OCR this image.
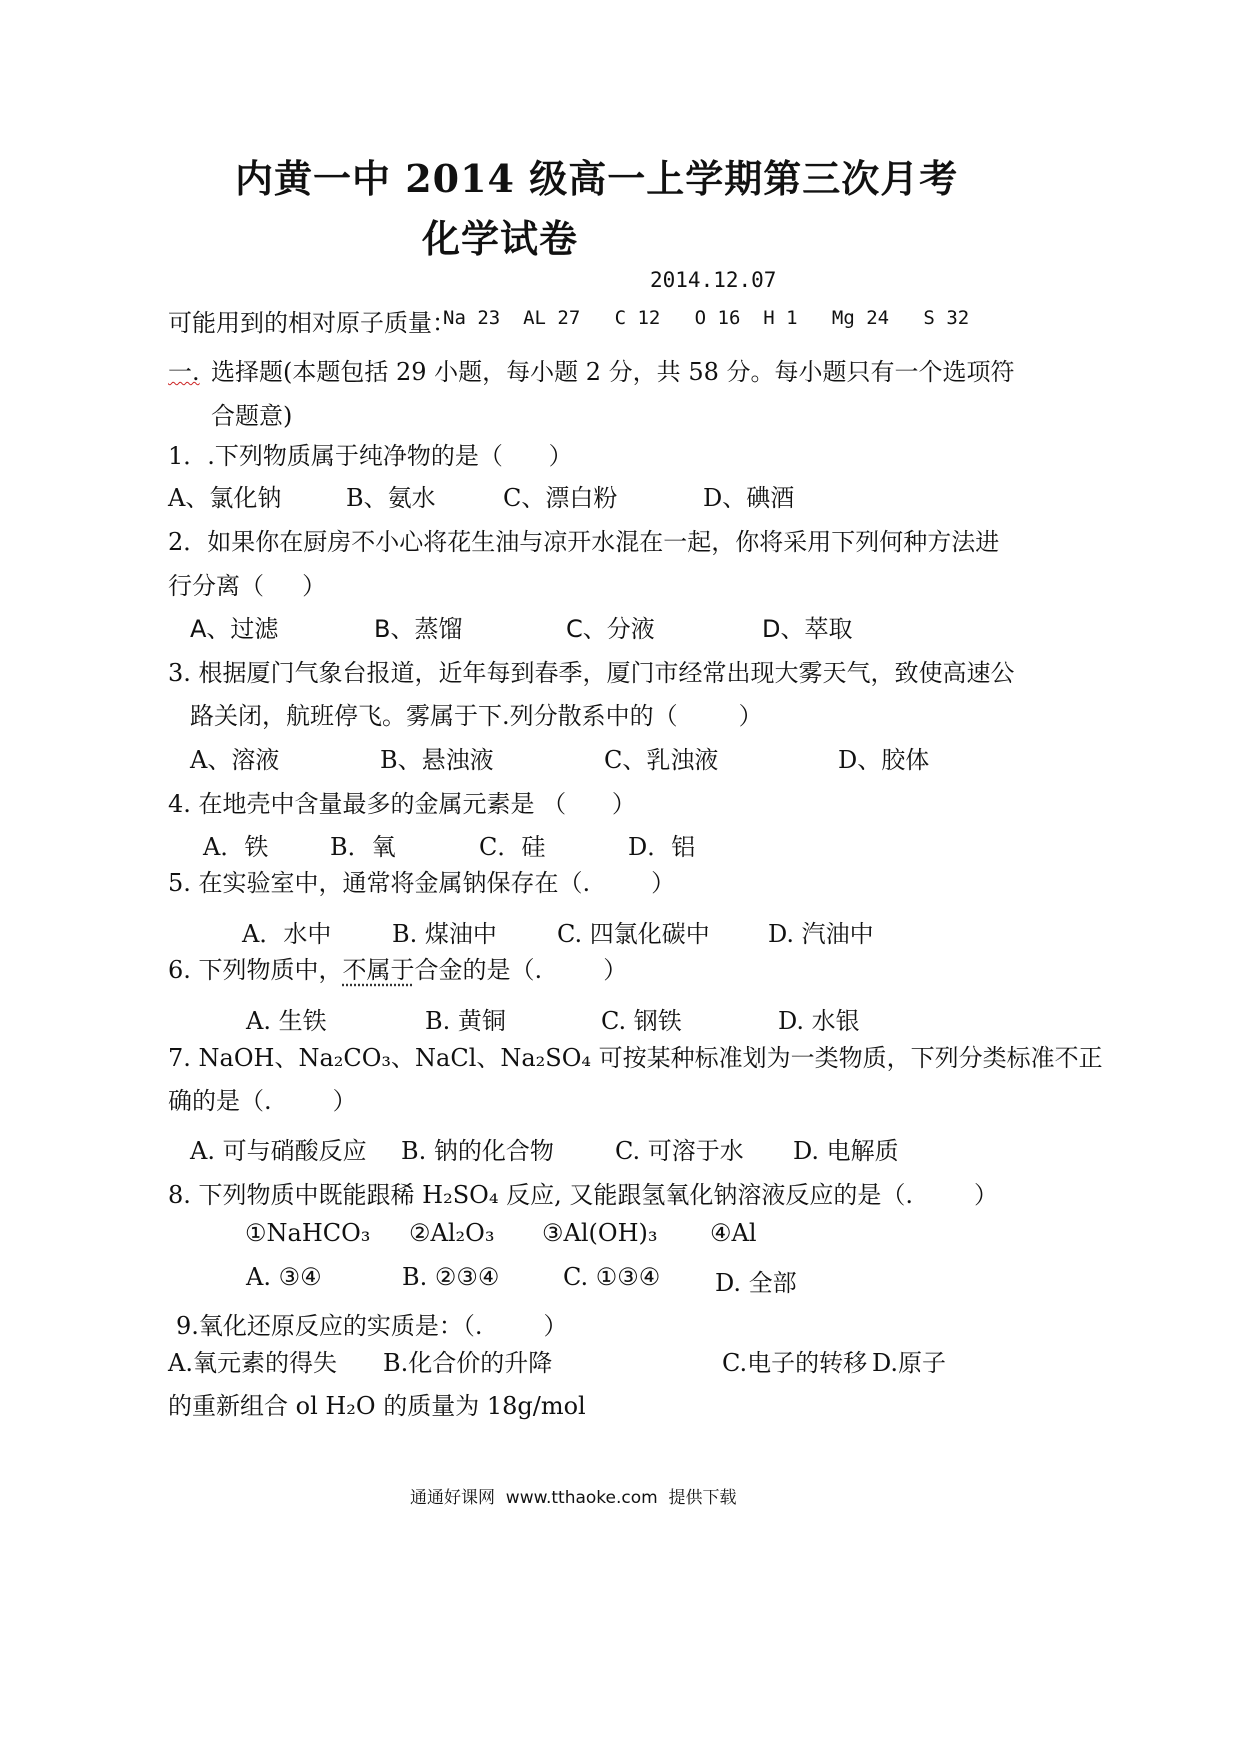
内黄一中 2014 级高一上学期第三次月考
化学试卷
2014.12.07
可能用到的相对原子质量：
Na 23  AL 27   C 12   O 16  H 1   Mg 24   S 32
一. 选择题(本题包括 29 小题，每小题 2 分，共 58 分。每小题只有一个选项符
合题意)
1．.下列物质属于纯净物的是（      ）
A、氯化钠	B、氨水	C、漂白粉	D、碘酒
2．如果你在厨房不小心将花生油与凉开水混在一起，你将采用下列何种方法进
行分离（     ）
A、过滤	B、蒸馏	C、分液	D、萃取
3. 根据厦门气象台报道，近年每到春季，厦门市经常出现大雾天气，致使高速公
路关闭，航班停飞。雾属于下.列分散系中的（        ）
A、溶液	B、悬浊液	C、乳浊液	D、胶体
4. 在地壳中含量最多的金属元素是 （      ）
A．铁	B．氧	C．硅	D．铝
5. 在实验室中，通常将金属钠保存在（.        ）
A．水中	B. 煤油中	C. 四氯化碳中 D. 汽油中
6. 下列物质中，不属于合金的是（.        ）
A. 生铁	B. 黄铜	C. 钢铁	D. 水银
7. NaOH、Na₂CO₃、NaCl、Na₂SO₄ 可按某种标准划为一类物质，下列分类标准不正
确的是（.        ）
A. 可与硝酸反应 B. 钠的化合物	C. 可溶于水 D. 电解质
8. 下列物质中既能跟稀 H₂SO₄ 反应, 又能跟氢氧化钠溶液反应的是（.        ）
①NaHCO₃ ②Al₂O₃ ③Al(OH)₃ ④Al
A. ③④	B. ②③④	C. ①③④ D. 全部
9.氧化还原反应的实质是：（.        ）
A.氧元素的得失 B.化合价的升降	C.电子的转移 D.原子
的重新组合 ol H₂O 的质量为 18g/mol
通通好课网  www.tthaoke.com  提供下载
